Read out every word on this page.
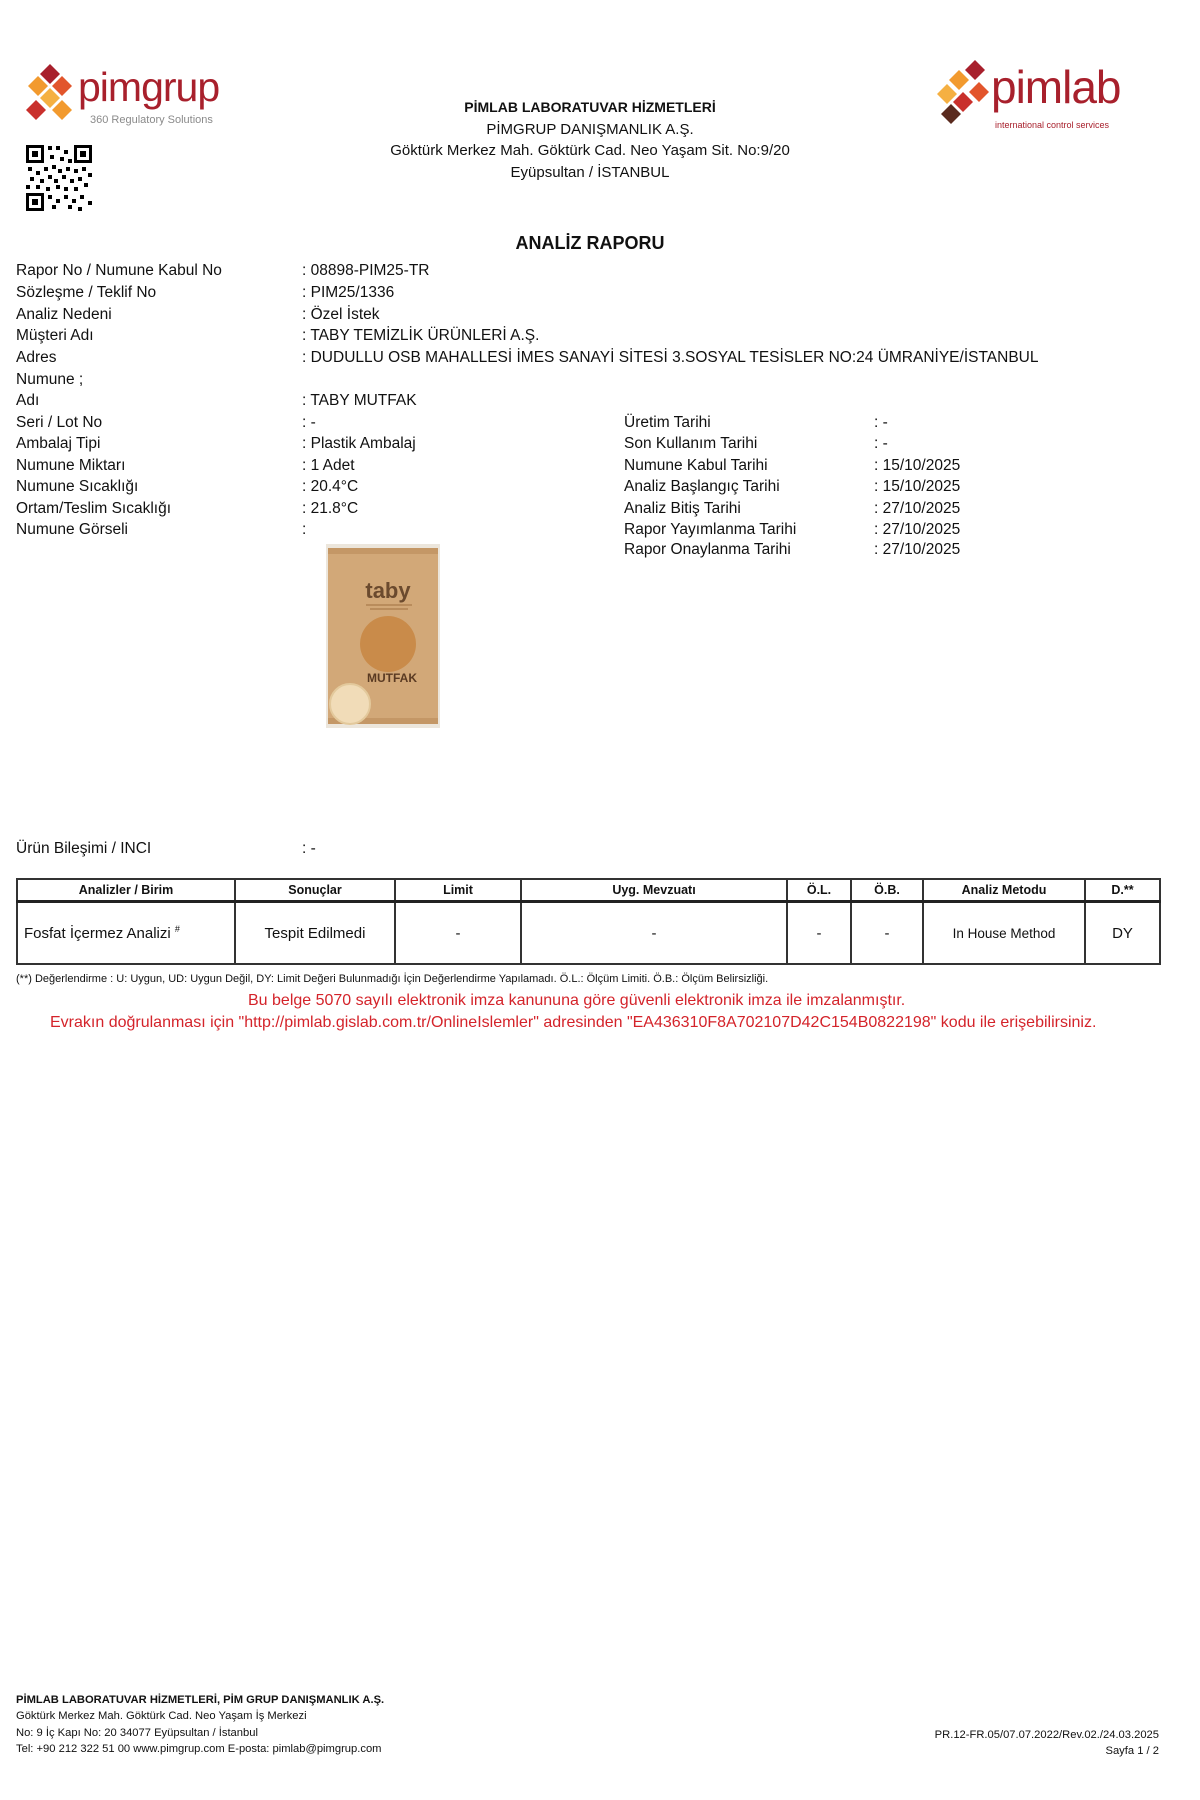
pimgrup
360 Regulatory Solutions
PİMLAB LABORATUVAR HİZMETLERİ
PİMGRUP DANIŞMANLIK A.Ş.
Göktürk Merkez Mah. Göktürk Cad. Neo Yaşam Sit. No:9/20
Eyüpsultan / İSTANBUL
pimlab
international control services
ANALİZ RAPORU
Rapor No / Numune Kabul No	: 08898-PIM25-TR
Sözleşme / Teklif No	: PIM25/1336
Analiz Nedeni	: Özel İstek
Müşteri Adı	: TABY TEMİZLİK ÜRÜNLERİ A.Ş.
Adres	: DUDULLU OSB MAHALLESİ İMES SANAYİ SİTESİ 3.SOSYAL TESİSLER NO:24 ÜMRANİYE/İSTANBUL
Numune ;
Adı	: TABY MUTFAK
Seri / Lot No	: -
Ambalaj Tipi	: Plastik Ambalaj
Numune Miktarı	: 1 Adet
Numune Sıcaklığı	: 20.4°C
Ortam/Teslim Sıcaklığı	: 21.8°C
Numune Görseli	:
Üretim Tarihi	: -
Son Kullanım Tarihi	: -
Numune Kabul Tarihi	: 15/10/2025
Analiz Başlangıç Tarihi	: 15/10/2025
Analiz Bitiş Tarihi	: 27/10/2025
Rapor Yayımlanma Tarihi	: 27/10/2025
Rapor Onaylanma Tarihi	: 27/10/2025
taby
MUTFAK
Ürün Bileşimi / INCI	: -
Analizler / Birim	Sonuçlar	Limit	Uyg. Mevzuatı	Ö.L.	Ö.B.	Analiz Metodu	D.**
Fosfat İçermez Analizi #	Tespit Edilmedi	-	-	-	-	In House Method	DY
(**) Değerlendirme : U: Uygun, UD: Uygun Değil, DY: Limit Değeri Bulunmadığı İçin Değerlendirme Yapılamadı. Ö.L.: Ölçüm Limiti. Ö.B.: Ölçüm Belirsizliği.
Bu belge 5070 sayılı elektronik imza kanununa göre güvenli elektronik imza ile imzalanmıştır.
Evrakın doğrulanması için "http://pimlab.gislab.com.tr/OnlineIslemler" adresinden "EA436310F8A702107D42C154B0822198" kodu ile erişebilirsiniz.
PİMLAB LABORATUVAR HİZMETLERİ, PİM GRUP DANIŞMANLIK A.Ş.
Göktürk Merkez Mah. Göktürk Cad. Neo Yaşam İş Merkezi
No: 9 İç Kapı No: 20 34077 Eyüpsultan / İstanbul
Tel: +90 212 322 51 00 www.pimgrup.com E-posta: pimlab@pimgrup.com
PR.12-FR.05/07.07.2022/Rev.02./24.03.2025
Sayfa 1 / 2
